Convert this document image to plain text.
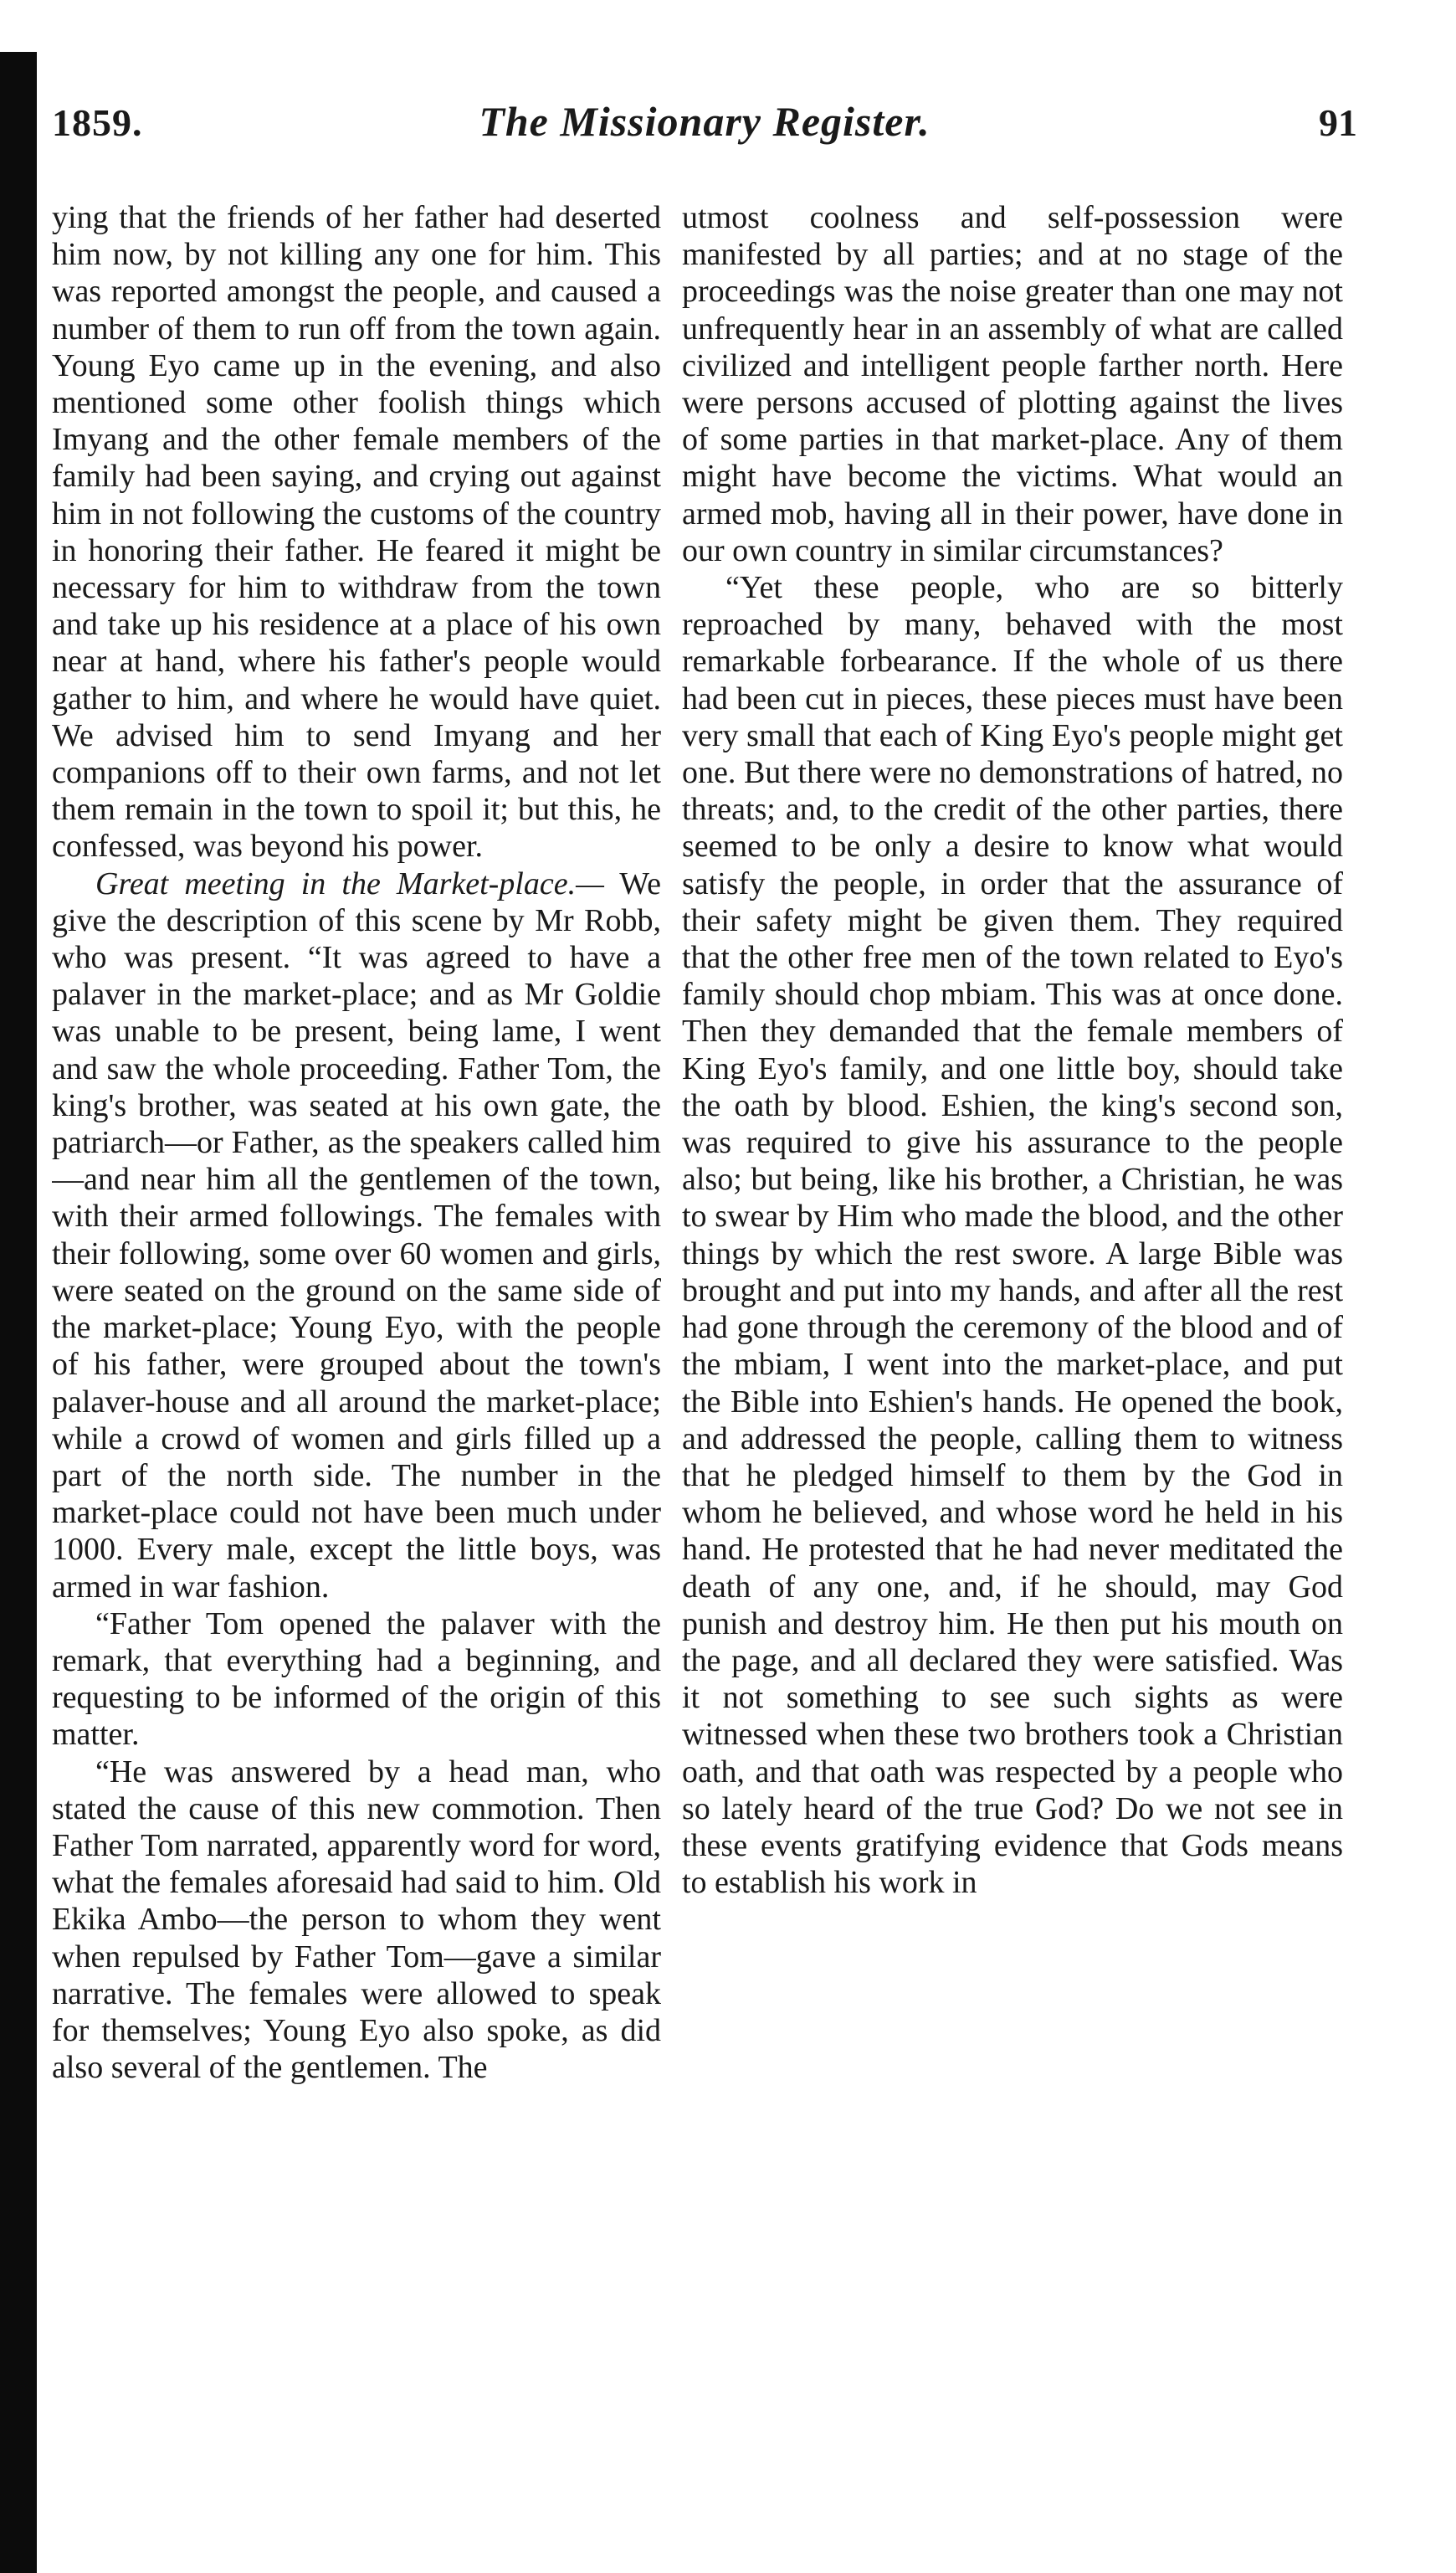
1859.	The Missionary Register.	91

ying that the friends of her father had deserted him now, by not killing any one for him. This was reported amongst the people, and caused a number of them to run off from the town again. Young Eyo came up in the evening, and also mentioned some other foolish things which Imyang and the other female members of the family had been saying, and crying out against him in not following the customs of the country in honoring their father. He feared it might be necessary for him to withdraw from the town and take up his residence at a place of his own near at hand, where his father's people would gather to him, and where he would have quiet. We advised him to send Imyang and her companions off to their own farms, and not let them remain in the town to spoil it; but this, he confessed, was beyond his power.

Great meeting in the Market-place.— We give the description of this scene by Mr Robb, who was present. “It was agreed to have a palaver in the market-place; and as Mr Goldie was unable to be present, being lame, I went and saw the whole proceeding. Father Tom, the king's brother, was seated at his own gate, the patriarch—or Father, as the speakers called him—and near him all the gentlemen of the town, with their armed followings. The females with their following, some over 60 women and girls, were seated on the ground on the same side of the market-place; Young Eyo, with the people of his father, were grouped about the town's palaver-house and all around the market-place; while a crowd of women and girls filled up a part of the north side. The number in the market-place could not have been much under 1000. Every male, except the little boys, was armed in war fashion.

“Father Tom opened the palaver with the remark, that everything had a beginning, and requesting to be informed of the origin of this matter.

“He was answered by a head man, who stated the cause of this new commotion. Then Father Tom narrated, apparently word for word, what the females aforesaid had said to him. Old Ekika Ambo—the person to whom they went when repulsed by Father Tom—gave a similar narrative. The females were allowed to speak for themselves; Young Eyo also spoke, as did also several of the gentlemen. The

utmost coolness and self-possession were manifested by all parties; and at no stage of the proceedings was the noise greater than one may not unfrequently hear in an assembly of what are called civilized and intelligent people farther north. Here were persons accused of plotting against the lives of some parties in that market-place. Any of them might have become the victims. What would an armed mob, having all in their power, have done in our own country in similar circumstances?

“Yet these people, who are so bitterly reproached by many, behaved with the most remarkable forbearance. If the whole of us there had been cut in pieces, these pieces must have been very small that each of King Eyo's people might get one. But there were no demonstrations of hatred, no threats; and, to the credit of the other parties, there seemed to be only a desire to know what would satisfy the people, in order that the assurance of their safety might be given them. They required that the other free men of the town related to Eyo's family should chop mbiam. This was at once done. Then they demanded that the female members of King Eyo's family, and one little boy, should take the oath by blood. Eshien, the king's second son, was required to give his assurance to the people also; but being, like his brother, a Christian, he was to swear by Him who made the blood, and the other things by which the rest swore. A large Bible was brought and put into my hands, and after all the rest had gone through the ceremony of the blood and of the mbiam, I went into the market-place, and put the Bible into Eshien's hands. He opened the book, and addressed the people, calling them to witness that he pledged himself to them by the God in whom he believed, and whose word he held in his hand. He protested that he had never meditated the death of any one, and, if he should, may God punish and destroy him. He then put his mouth on the page, and all declared they were satisfied. Was it not something to see such sights as were witnessed when these two brothers took a Christian oath, and that oath was respected by a people who so lately heard of the true God? Do we not see in these events gratifying evidence that Gods means to establish his work in
